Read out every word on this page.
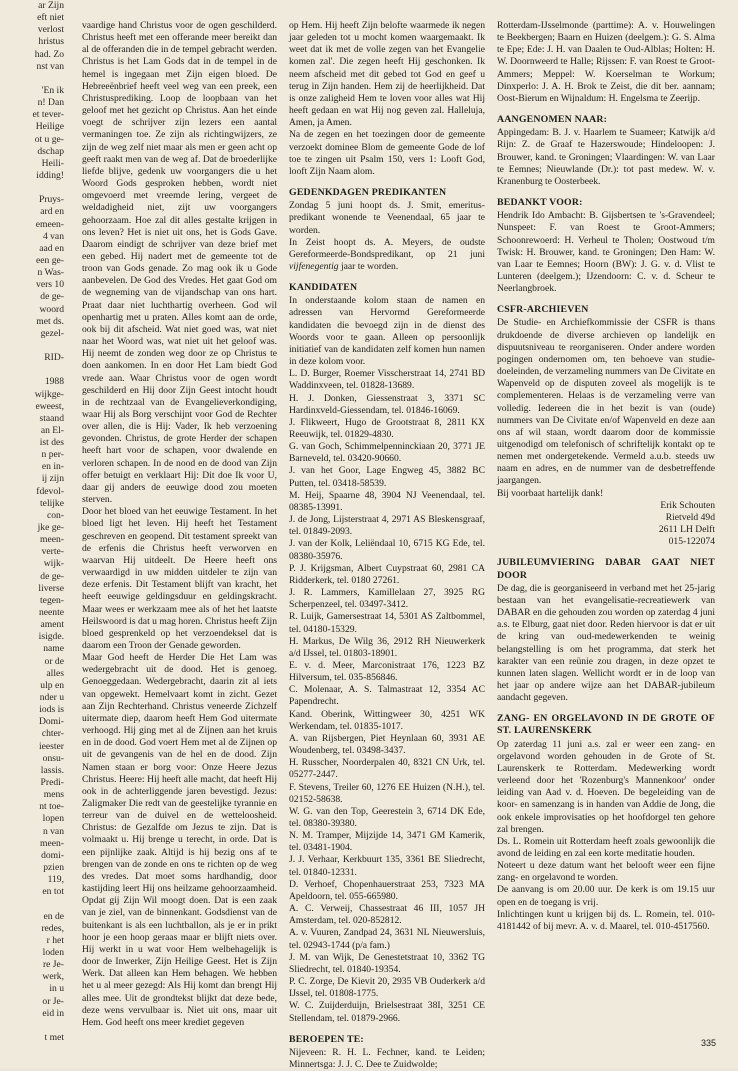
ar Zijn
eft niet
verlost
hristus
had. Zo
nst van

'En ik
n! Dan
et tever-
Heilige
ot u ge-
dschap
Heili-
idding!

Pruys-
ard en
emeen-
4 van
aad en
een ge-
n Was-
vers 10
de ge-
woord
met ds.
gezel-

RID-

1988
wijkge-
eweest,
staand
an El-
ist des
n per-
en in-
ij zijn
fdevol-
telijke
con-
jke ge-
meen-
verte-
wijk-
de ge-
liverse
tegen-
neente
ament
isigde.
name
or de
alles
ulp en
nder u
iods is
Domi-
chter-
ieester
onsu-
lassis.
Predi-
mens
nt toe-
lopen
n van
meen-
domi-
pzien
119,
en tot

en de
redes,
r het
loden
re Je-
werk,
in u
or Je-
eid in

t met

vaardige hand Christus voor de ogen geschilderd. Christus heeft met een offerande meer bereikt dan al de offeranden die in de tempel gebracht werden. Christus is het Lam Gods dat in de tempel in de hemel is ingegaan met Zijn eigen bloed. De Hebreeënbrief heeft veel weg van een preek, een Christusprediking. Loop de loopbaan van het geloof met het gezicht op Christus. Aan het einde voegt de schrijver zijn lezers een aantal vermaningen toe. Ze zijn als richtingwijzers, ze zijn de weg zelf niet maar als men er geen acht op geeft raakt men van de weg af. Dat de broederlijke liefde blijve, gedenk uw voorgangers die u het Woord Gods gesproken hebben, wordt niet omgevoerd met vreemde lering, vergeet de weldadigheid niet, zijt uw voorgangers gehoorzaam. Hoe zal dit alles gestalte krijgen in ons leven? Het is niet uit ons, het is Gods Gave. Daarom eindigt de schrijver van deze brief met een gebed. Hij nadert met de gemeente tot de troon van Gods genade. Zo mag ook ik u Gode aanbevelen. De God des Vredes. Het gaat God om de wegneming van de vijandschap van ons hart. Praat daar niet luchthartig overheen. God wil openhartig met u praten. Alles komt aan de orde, ook bij dit afscheid. Wat niet goed was, wat niet naar het Woord was, wat niet uit het geloof was. Hij neemt de zonden weg door ze op Christus te doen aankomen. In en door Het Lam biedt God vrede aan. Waar Christus voor de ogen wordt geschilderd en Hij door Zijn Geest intocht houdt in de rechtzaal van de Evangelieverkondiging, waar Hij als Borg verschijnt voor God de Rechter over allen, die is Hij: Vader, Ik heb verzoening gevonden. Christus, de grote Herder der schapen heeft hart voor de schapen, voor dwalende en verloren schapen. In de nood en de dood van Zijn offer betuigt en verklaart Hij: Dit doe Ik voor U, daar gij anders de eeuwige dood zou moeten sterven.

Door het bloed van het eeuwige Testament. In het bloed ligt het leven. Hij heeft het Testament geschreven en geopend. Dit testament spreekt van de erfenis die Christus heeft verworven en waarvan Hij uitdeelt. De Heere heeft ons verwaardigd in uw midden uitdeler te zijn van deze erfenis. Dit Testament blijft van kracht, het heeft eeuwige geldingsduur en geldingskracht. Maar wees er werkzaam mee als of het het laatste Heilswoord is dat u mag horen. Christus heeft Zijn bloed gesprenkeld op het verzoendeksel dat is daarom een Troon der Genade geworden.

Maar God heeft de Herder Die Het Lam was wedergebracht uit de dood. Het is genoeg. Genoeggedaan. Wedergebracht, daarin zit al iets van opgewekt. Hemelvaart komt in zicht. Gezet aan Zijn Rechterhand. Christus veneerde Zichzelf uitermate diep, daarom heeft Hem God uitermate verhoogd. Hij ging met al de Zijnen aan het kruis en in de dood. God voert Hem met al de Zijnen op uit de gevangenis van de hel en de dood. Zijn Namen staan er borg voor: Onze Heere Jezus Christus. Heere: Hij heeft alle macht, dat heeft Hij ook in de achterliggende jaren bevestigd. Jezus: Zaligmaker Die redt van de geestelijke tyrannie en terreur van de duivel en de wetteloosheid. Christus: de Gezalfde om Jezus te zijn. Dat is volmaakt u. Hij brenge u terecht, in orde. Dat is een pijnlijke zaak. Altijd is hij bezig ons af te brengen van de zonde en ons te richten op de weg des vredes. Dat moet soms hardhandig, door kastijding leert Hij ons heilzame gehoorzaamheid. Opdat gij Zijn Wil moogt doen. Dat is een zaak van je ziel, van de binnenkant. Godsdienst van de buitenkant is als een luchtballon, als je er in prikt hoor je een hoop geraas maar er blijft niets over. Hij werkt in u wat voor Hem welbehagelijk is door de Inwerker, Zijn Heilige Geest. Het is Zijn Werk. Dat alleen kan Hem behagen. We hebben het u al meer gezegd: Als Hij komt dan brengt Hij alles mee. Uit de grondtekst blijkt dat deze bede, deze wens vervulbaar is. Niet uit ons, maar uit Hem. God heeft ons meer krediet gegeven

op Hem. Hij heeft Zijn belofte waarmede ik negen jaar geleden tot u mocht komen waargemaakt. Ik weet dat ik met de volle zegen van het Evangelie komen zal'. Die zegen heeft Hij geschonken. Ik neem afscheid met dit gebed tot God en geef u terug in Zijn handen. Hem zij de heerlijkheid. Dat is onze zaligheid Hem te loven voor alles wat Hij heeft gedaan en wat Hij nog geven zal. Halleluja, Amen, ja Amen.

Na de zegen en het toezingen door de gemeente verzoekt dominee Blom de gemeente Gode de lof toe te zingen uit Psalm 150, vers 1: Looft God, looft Zijn Naam alom.

GEDENKDAGEN PREDIKANTEN

Zondag 5 juni hoopt ds. J. Smit, emeritus-predikant wonende te Veenendaal, 65 jaar te worden.

In Zeist hoopt ds. A. Meyers, de oudste Gereformeerde-Bondspredikant, op 21 juni vijfenegentig jaar te worden.

KANDIDATEN

In onderstaande kolom staan de namen en adressen van Hervormd Gereformeerde kandidaten die bevoegd zijn in de dienst des Woords voor te gaan. Alleen op persoonlijk initiatief van de kandidaten zelf komen hun namen in deze kolom voor.

L. D. Burger, Roemer Visscherstraat 14, 2741 BD Waddinxveen, tel. 01828-13689.

H. J. Donken, Giessenstraat 3, 3371 SC Hardinxveld-Giessendam, tel. 01846-16069.

J. Flikweert, Hugo de Grootstraat 8, 2811 KX Reeuwijk, tel. 01829-4830.

G. van Goch, Schimmelpenninckiaan 20, 3771 JE Barneveld, tel. 03420-90660.

J. van het Goor, Lage Engweg 45, 3882 BC Putten, tel. 03418-58539.

M. Heij, Spaarne 48, 3904 NJ Veenendaal, tel. 08385-13991.

J. de Jong, Lijsterstraat 4, 2971 AS Bleskensgraaf, tel. 01849-2093.

J. van der Kolk, Leliëndaal 10, 6715 KG Ede, tel. 08380-35976.

P. J. Krijgsman, Albert Cuypstraat 60, 2981 CA Ridderkerk, tel. 0180 27261.

J. R. Lammers, Kamillelaan 27, 3925 RG Scherpenzeel, tel. 03497-3412.

R. Luijk, Gamersestraat 14, 5301 AS Zaltbommel, tel. 04180-15329.

H. Markus, De Wilg 36, 2912 RH Nieuwerkerk a/d IJssel, tel. 01803-18901.

E. v. d. Meer, Marconistraat 176, 1223 BZ Hilversum, tel. 035-856846.

C. Molenaar, A. S. Talmastraat 12, 3354 AC Papendrecht.

Kand. Oberink, Wittingweer 30, 4251 WK Werkendam, tel. 01835-1017.

A. van Rijsbergen, Piet Heynlaan 60, 3931 AE Woudenberg, tel. 03498-3437.

H. Russcher, Noorderpalen 40, 8321 CN Urk, tel. 05277-2447.

F. Stevens, Treiler 60, 1276 EE Huizen (N.H.), tel. 02152-58638.

W. G. van den Top, Geerestein 3, 6714 DK Ede, tel. 08380-39380.

N. M. Tramper, Mijzijde 14, 3471 GM Kamerik, tel. 03481-1904.

J. J. Verhaar, Kerkbuurt 135, 3361 BE Sliedrecht, tel. 01840-12331.

D. Verhoef, Chopenhauerstraat 253, 7323 MA Apeldoorn, tel. 055-665980.

A. C. Verweij, Chassestraat 46 III, 1057 JH Amsterdam, tel. 020-852812.

A. v. Vuuren, Zandpad 24, 3631 NL Nieuwersluis, tel. 02943-1744 (p/a fam.)

J. M. van Wijk, De Genestetstraat 10, 3362 TG Sliedrecht, tel. 01840-19354.

P. C. Zorge, De Kievit 20, 2935 VB Ouderkerk a/d IJssel, tel. 01808-1775.

W. C. Zuijderduijn, Brielsestraat 38I, 3251 CE Stellendam, tel. 01879-2966.

BEROEPEN TE:

Nijeveen: R. H. L. Fechner, kand. te Leiden; Minnertsga: J. J. C. Dee te Zuidwolde;

Rotterdam-IJsselmonde (parttime): A. v. Houwelingen te Beekbergen; Baarn en Huizen (deelgem.): G. S. Alma te Epe; Ede: J. H. van Daalen te Oud-Alblas; Holten: H. W. Doornweerd te Halle; Rijssen: F. van Roest te Groot-Ammers; Meppel: W. Koerselman te Workum; Dinxperlo: J. A. H. Brok te Zeist, die dit ber. aannam; Oost-Bierum en Wijnaldum: H. Engelsma te Zeerijp.

AANGENOMEN NAAR:

Appingedam: B. J. v. Haarlem te Suameer; Katwijk a/d Rijn: Z. de Graaf te Hazerswoude; Hindeloopen: J. Brouwer, kand. te Groningen; Vlaardingen: W. van Laar te Eemnes; Nieuwlande (Dr.): tot past medew. W. v. Kranenburg te Oosterbeek.

BEDANKT VOOR:

Hendrik Ido Ambacht: B. Gijsbertsen te 's-Gravendeel; Nunspeet: F. van Roest te Groot-Ammers; Schoonrewoerd: H. Verheul te Tholen; Oostwoud t/m Twisk: H. Brouwer, kand. te Groningen; Den Ham: W. van Laar te Eemnes; Hoorn (BW): J. G. v. d. Vlist te Lunteren (deelgem.); IJzendoorn: C. v. d. Scheur te Neerlangbroek.

CSFR-ARCHIEVEN

De Studie- en Archiefkommissie der CSFR is thans drukdoende de diverse archieven op landelijk en dispuutsniveau te reorganiseren. Onder andere worden pogingen ondernomen om, ten behoeve van studie-doeleinden, de verzameling nummers van De Civitate en Wapenveld op de disputen zoveel als mogelijk is te complementeren. Helaas is de verzameling verre van volledig. Iedereen die in het bezit is van (oude) nummers van De Civitate en/of Wapenveld en deze aan ons af wil staan, wordt daarom door de kommissie uitgenodigd om telefonisch of schriftelijk kontakt op te nemen met ondergetekende. Vermeld a.u.b. steeds uw naam en adres, en de nummer van de desbetreffende jaargangen.

Bij voorbaat hartelijk dank!

Erik Schouten

Rietveld 49d

2611 LH Delft

015-122074

JUBILEUMVIERING DABAR GAAT NIET DOOR

De dag, die is georganiseerd in verband met het 25-jarig bestaan van het evangelisatie-recreatiewerk van DABAR en die gehouden zou worden op zaterdag 4 juni a.s. te Elburg, gaat niet door. Reden hiervoor is dat er uit de kring van oud-medewerkenden te weinig belangstelling is om het programma, dat sterk het karakter van een reünie zou dragen, in deze opzet te kunnen laten slagen. Wellicht wordt er in de loop van het jaar op andere wijze aan het DABAR-jubileum aandacht gegeven.

ZANG- EN ORGELAVOND IN DE GROTE OF ST. LAURENSKERK

Op zaterdag 11 juni a.s. zal er weer een zang- en orgelavond worden gehouden in de Grote of St. Laurenskerk te Rotterdam. Medewerking wordt verleend door het 'Rozenburg's Mannenkoor' onder leiding van Aad v. d. Hoeven. De begeleiding van de koor- en samenzang is in handen van Addie de Jong, die ook enkele improvisaties op het hoofdorgel ten gehore zal brengen.

Ds. L. Romein uit Rotterdam heeft zoals gewoonlijk die avond de leiding en zal een korte meditatie houden.

Noteert u deze datum want het belooft weer een fijne zang- en orgelavond te worden.

De aanvang is om 20.00 uur. De kerk is om 19.15 uur open en de toegang is vrij.

Inlichtingen kunt u krijgen bij ds. L. Romein, tel. 010-4181442 of bij mevr. A. v. d. Maarel, tel. 010-4517560.

335
